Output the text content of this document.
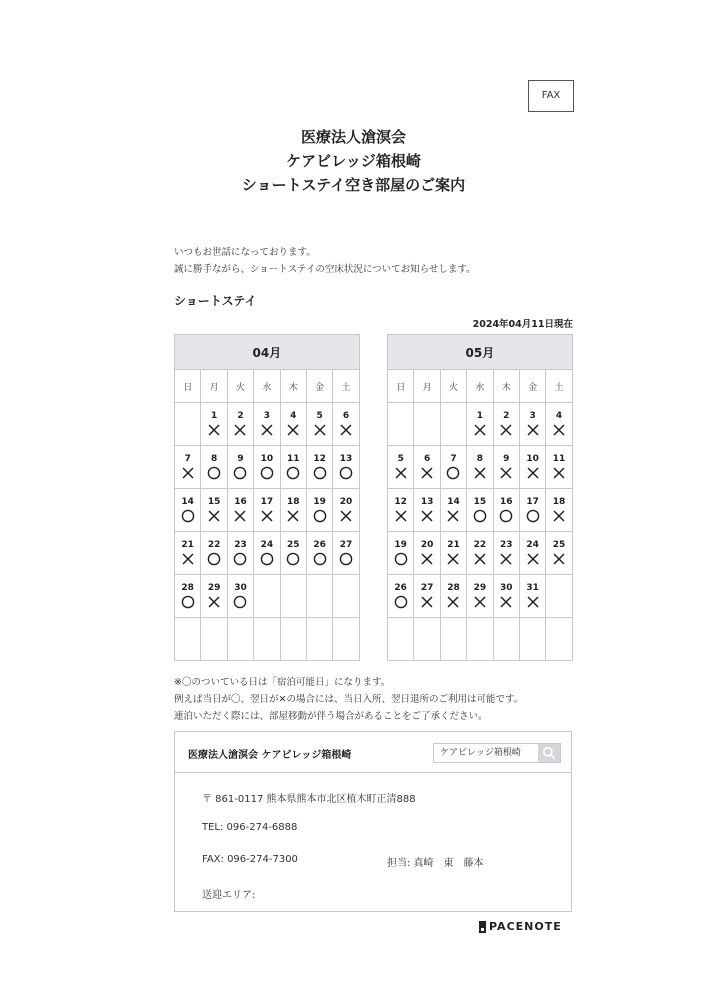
FAX
医療法人滄溟会
ケアビレッジ箱根崎
ショートステイ空き部屋のご案内
いつもお世話になっております。
誠に勝手ながら、ショートステイの空床状況についてお知らせします。
ショートステイ
2024年04月11日現在
04月						
日	月	火	水	木	金	土

	1	2	3	4	5	6

7	8	9	10	11	12	13

14	15	16	17	18	19	20

21	22	23	24	25	26	27

28	29	30				

05月						
日	月	火	水	木	金	土

			1	2	3	4

5	6	7	8	9	10	11

12	13	14	15	16	17	18

19	20	21	22	23	24	25

26	27	28	29	30	31	

※〇のついている日は「宿泊可能日」になります。
例えば当日が〇、翌日が✕の場合には、当日入所、翌日退所のご利用は可能です。
連泊いただく際には、部屋移動が伴う場合があることをご了承ください。
医療法人滄溟会 ケアビレッジ箱根崎
ケアビレッジ箱根崎
〒 861-0117 熊本県熊本市北区植木町正清888
TEL: 096-274-6888
FAX: 096-274-7300	担当: 真崎　東　藤本
送迎エリア:
PACENOTE
